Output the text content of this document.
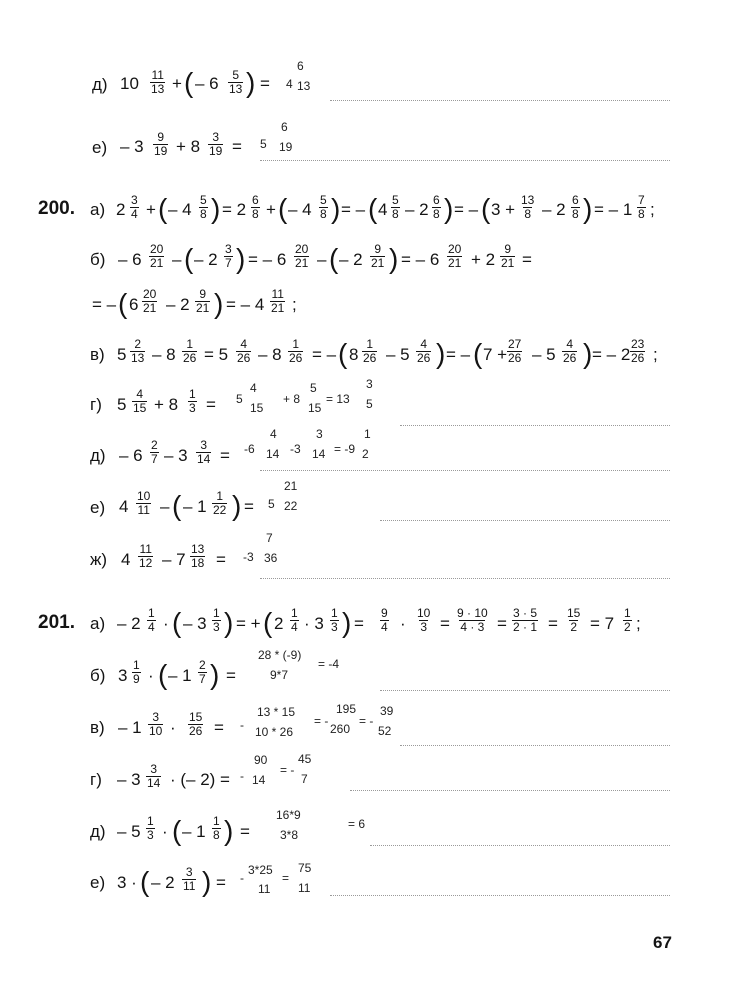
д) 10 11
13 + ( – 6 5
13 ) = 4
6
13
е) – 3 9
19 + 8 3
19 = 5
6
19
200. а) 2 3
4 + ( – 4 5
8 ) = 2 6
8 + ( – 4 5
8 ) = – ( 4 5
8 – 2 6
8 ) = – ( 3 + 13
8 – 2 6
8 ) = – 1 7
8 ;
б) – 6
20
21 – ( – 2
3
7 ) = – 6
20
21 – ( – 2
9
21 ) = – 6
20
21 + 2
9
21 =
= – ( 6
20
21 – 2
9
21 ) = – 4
11
21 ;
в) 5
2
13 – 8
1
26 = 5
4
26 – 8
1
26 = – ( 8
1
26 – 5
4
26 ) = – ( 7 +
27
26 – 5
4
26 ) = – 2
23
26 ;
г) 5
4
15 + 8
1
3 = 5
4
15
+ 8
5
15
= 13
3
5
д) – 6
2
7 – 3
3
14 = -6
4
14 -3
3
14 = -9
1
2
е) 4
10
11 – ( – 1
1
22 ) = 5
21
22
ж) 4
11
12 – 7
13
18 = -3
7
36
201. а) – 2
1
4 · ( – 3
1
3 ) = + ( 2
1
4 · 3
1
3 ) =
9
4 ·
10
3 =
9 · 10
4 · 3 =
3 · 5
2 · 1 =
15
2 = 7
1
2 ;
б) 3
1
9 · ( – 1
2
7 ) =
28 * (-9)
9*7
= -4
в) – 1
3
10 ·
15
26 = -
13 * 15
10 * 26
= -
195
260
= -
39
52
г) – 3
3
14 · (– 2) = -
90
14
= -
45
7
д) – 5
1
3 · ( – 1
1
8 ) =
16*9
3*8
= 6
е) 3 · ( – 2
3
11 ) = -
3*25
11
=
75
11
67
